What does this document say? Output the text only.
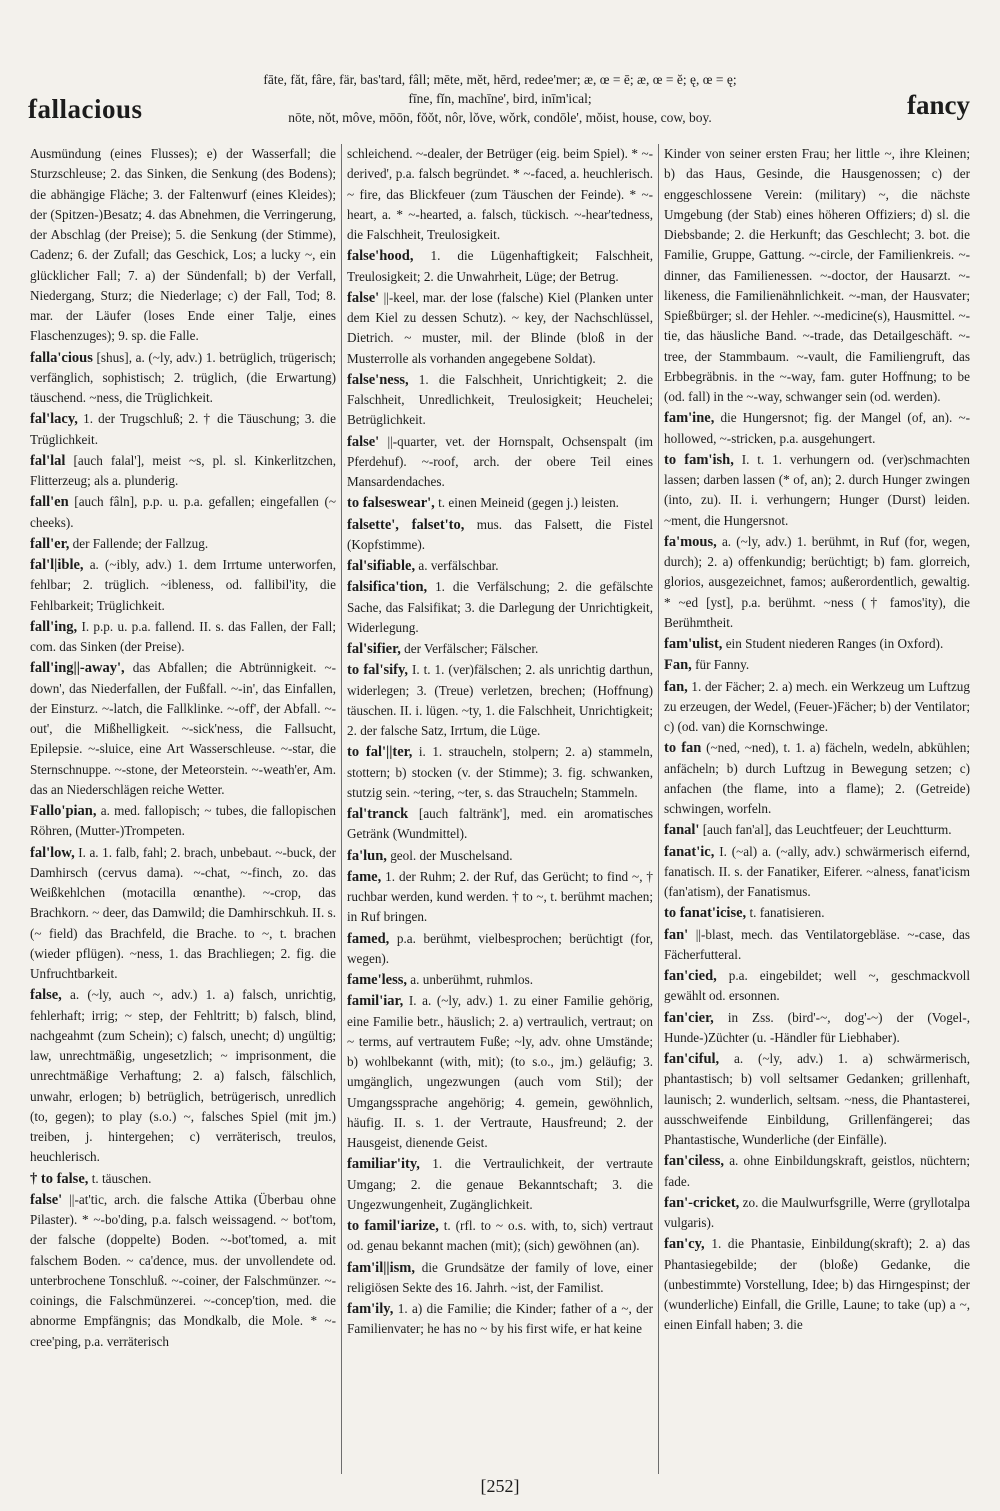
fallacious
fāte, făt, fâre, fär, bas'tard, fâll; mēte, mĕt, hērd, redee'mer; æ, œ = ē; æ, œ = ĕ; ę, œ = ę;
fīne, fĭn, machīne', bird, inīm'ical;
nōte, nŏt, môve, mōōn, fŏŏt, nôr, lŏve, wŏrk, condōle', mŏist, house, cow, boy.	fancy
Ausmündung (eines Flusses); e) der Wasserfall; die Sturzschleuse; 2. das Sinken, die Senkung (des Bodens); die abhängige Fläche; 3. der Faltenwurf (eines Kleides); der (Spitzen-)Besatz; 4. das Abnehmen, die Verringerung, der Abschlag (der Preise); 5. die Senkung (der Stimme), Cadenz; 6. der Zufall; das Geschick, Los; a lucky ~, ein glücklicher Fall; 7. a) der Sündenfall; b) der Verfall, Niedergang, Sturz; die Niederlage; c) der Fall, Tod; 8. mar. der Läufer (loses Ende einer Talje, eines Flaschenzuges); 9. sp. die Falle.
falla'cious [shus], a. (~ly, adv.) 1. betrüglich, trügerisch; verfänglich, sophistisch; 2. trüglich, (die Erwartung) täuschend. ~ness, die Trüglichkeit.
fal'lacy, 1. der Trugschluß; 2. † die Täuschung; 3. die Trüglichkeit.
fal'lal [auch falal'], meist ~s, pl. sl. Kinkerlitzchen, Flitterzeug; als a. plunderig.
fall'en [auch fâln], p.p. u. p.a. gefallen; eingefallen (~ cheeks).
fall'er, der Fallende; der Fallzug.
fal'l|ible, a. (~ibly, adv.) 1. dem Irrtume unterworfen, fehlbar; 2. trüglich. ~ibleness, od. fallibil'ity, die Fehlbarkeit; Trüglichkeit.
fall'ing, I. p.p. u. p.a. fallend. II. s. das Fallen, der Fall; com. das Sinken (der Preise).
fall'ing||-away', das Abfallen; die Abtrünnigkeit. ~-down', das Niederfallen, der Fußfall. ~-in', das Einfallen, der Einsturz. ~-latch, die Fallklinke. ~-off', der Abfall. ~-out', die Mißhelligkeit. ~-sick'ness, die Fallsucht, Epilepsie. ~-sluice, eine Art Wasserschleuse. ~-star, die Sternschnuppe. ~-stone, der Meteorstein. ~-weath'er, Am. das an Niederschlägen reiche Wetter.
Fallo'pian, a. med. fallopisch; ~ tubes, die fallopischen Röhren, (Mutter-)Trompeten.
fal'low, I. a. 1. falb, fahl; 2. brach, unbebaut. ~-buck, der Damhirsch (cervus dama). ~-chat, ~-finch, zo. das Weißkehlchen (motacilla œnanthe). ~-crop, das Brachkorn. ~ deer, das Damwild; die Damhirschkuh. II. s. (~ field) das Brachfeld, die Brache. to ~, t. brachen (wieder pflügen). ~ness, 1. das Brachliegen; 2. fig. die Unfruchtbarkeit.
false, a. (~ly, auch ~, adv.) 1. a) falsch, unrichtig, fehlerhaft; irrig; ~ step, der Fehltritt; b) falsch, blind, nachgeahmt (zum Schein); c) falsch, unecht; d) ungültig; law, unrechtmäßig, ungesetzlich; ~ imprisonment, die unrechtmäßige Verhaftung; 2. a) falsch, fälschlich, unwahr, erlogen; b) betrüglich, betrügerisch, unredlich (to, gegen); to play (s.o.) ~, falsches Spiel (mit jm.) treiben, j. hintergehen; c) verräterisch, treulos, heuchlerisch.
† to false, t. täuschen.
false' ||-at'tic, arch. die falsche Attika (Überbau ohne Pilaster). * ~-bo'ding, p.a. falsch weissagend. ~ bot'tom, der falsche (doppelte) Boden. ~-bot'tomed, a. mit falschem Boden. ~ ca'dence, mus. der unvollendete od. unterbrochene Tonschluß. ~-coiner, der Falschmünzer. ~-coinings, die Falschmünzerei. ~-concep'tion, med. die abnorme Empfängnis; das Mondkalb, die Mole. * ~-cree'ping, p.a. verräterisch
schleichend. ~-dealer, der Betrüger (eig. beim Spiel). * ~-derived', p.a. falsch begründet. * ~-faced, a. heuchlerisch. ~ fire, das Blickfeuer (zum Täuschen der Feinde). * ~-heart, a. * ~-hearted, a. falsch, tückisch. ~-hear'tedness, die Falschheit, Treulosigkeit.
false'hood, 1. die Lügenhaftigkeit; Falschheit, Treulosigkeit; 2. die Unwahrheit, Lüge; der Betrug.
false' ||-keel, mar. der lose (falsche) Kiel (Planken unter dem Kiel zu dessen Schutz). ~ key, der Nachschlüssel, Dietrich. ~ muster, mil. der Blinde (bloß in der Musterrolle als vorhanden angegebene Soldat).
false'ness, 1. die Falschheit, Unrichtigkeit; 2. die Falschheit, Unredlichkeit, Treulosigkeit; Heuchelei; Betrüglichkeit.
false' ||-quarter, vet. der Hornspalt, Ochsenspalt (im Pferdehuf). ~-roof, arch. der obere Teil eines Mansardendaches.
to falseswear', t. einen Meineid (gegen j.) leisten.
falsette', falset'to, mus. das Falsett, die Fistel (Kopfstimme).
fal'sifiable, a. verfälschbar.
falsifica'tion, 1. die Verfälschung; 2. die gefälschte Sache, das Falsifikat; 3. die Darlegung der Unrichtigkeit, Widerlegung.
fal'sifier, der Verfälscher; Fälscher.
to fal'sify, I. t. 1. (ver)fälschen; 2. als unrichtig darthun, widerlegen; 3. (Treue) verletzen, brechen; (Hoffnung) täuschen. II. i. lügen. ~ty, 1. die Falschheit, Unrichtigkeit; 2. der falsche Satz, Irrtum, die Lüge.
to fal'||ter, i. 1. straucheln, stolpern; 2. a) stammeln, stottern; b) stocken (v. der Stimme); 3. fig. schwanken, stutzig sein. ~tering, ~ter, s. das Straucheln; Stammeln.
fal'tranck [auch faltränk'], med. ein aromatisches Getränk (Wundmittel).
fa'lun, geol. der Muschelsand.
fame, 1. der Ruhm; 2. der Ruf, das Gerücht; to find ~, † ruchbar werden, kund werden. † to ~, t. berühmt machen; in Ruf bringen.
famed, p.a. berühmt, vielbesprochen; berüchtigt (for, wegen).
fame'less, a. unberühmt, ruhmlos.
famil'iar, I. a. (~ly, adv.) 1. zu einer Familie gehörig, eine Familie betr., häuslich; 2. a) vertraulich, vertraut; on ~ terms, auf vertrautem Fuße; ~ly, adv. ohne Umstände; b) wohlbekannt (with, mit); (to s.o., jm.) geläufig; 3. umgänglich, ungezwungen (auch vom Stil); der Umgangssprache angehörig; 4. gemein, gewöhnlich, häufig. II. s. 1. der Vertraute, Hausfreund; 2. der Hausgeist, dienende Geist.
familiar'ity, 1. die Vertraulichkeit, der vertraute Umgang; 2. die genaue Bekanntschaft; 3. die Ungezwungenheit, Zugänglichkeit.
to famil'iarize, t. (rfl. to ~ o.s. with, to, sich) vertraut od. genau bekannt machen (mit); (sich) gewöhnen (an).
fam'il||ism, die Grundsätze der family of love, einer religiösen Sekte des 16. Jahrh. ~ist, der Familist.
fam'ily, 1. a) die Familie; die Kinder; father of a ~, der Familienvater; he has no ~ by his first wife, er hat keine
Kinder von seiner ersten Frau; her little ~, ihre Kleinen; b) das Haus, Gesinde, die Hausgenossen; c) der enggeschlossene Verein: (military) ~, die nächste Umgebung (der Stab) eines höheren Offiziers; d) sl. die Diebsbande; 2. die Herkunft; das Geschlecht; 3. bot. die Familie, Gruppe, Gattung. ~-circle, der Familienkreis. ~-dinner, das Familienessen. ~-doctor, der Hausarzt. ~-likeness, die Familienähnlichkeit. ~-man, der Hausvater; Spießbürger; sl. der Hehler. ~-medicine(s), Hausmittel. ~-tie, das häusliche Band. ~-trade, das Detailgeschäft. ~-tree, der Stammbaum. ~-vault, die Familiengruft, das Erbbegräbnis. in the ~-way, fam. guter Hoffnung; to be (od. fall) in the ~-way, schwanger sein (od. werden).
fam'ine, die Hungersnot; fig. der Mangel (of, an). ~-hollowed, ~-stricken, p.a. ausgehungert.
to fam'ish, I. t. 1. verhungern od. (ver)schmachten lassen; darben lassen (* of, an); 2. durch Hunger zwingen (into, zu). II. i. verhungern; Hunger (Durst) leiden. ~ment, die Hungersnot.
fa'mous, a. (~ly, adv.) 1. berühmt, in Ruf (for, wegen, durch); 2. a) offenkundig; berüchtigt; b) fam. glorreich, glorios, ausgezeichnet, famos; außerordentlich, gewaltig. * ~ed [yst], p.a. berühmt. ~ness († famos'ity), die Berühmtheit.
fam'ulist, ein Student niederen Ranges (in Oxford).
Fan, für Fanny.
fan, 1. der Fächer; 2. a) mech. ein Werkzeug um Luftzug zu erzeugen, der Wedel, (Feuer-)Fächer; b) der Ventilator; c) (od. van) die Kornschwinge.
to fan (~ned, ~ned), t. 1. a) fächeln, wedeln, abkühlen; anfächeln; b) durch Luftzug in Bewegung setzen; c) anfachen (the flame, into a flame); 2. (Getreide) schwingen, worfeln.
fanal' [auch fan'al], das Leuchtfeuer; der Leuchtturm.
fanat'ic, I. (~al) a. (~ally, adv.) schwärmerisch eifernd, fanatisch. II. s. der Fanatiker, Eiferer. ~alness, fanat'icism (fan'atism), der Fanatismus.
to fanat'icise, t. fanatisieren.
fan' ||-blast, mech. das Ventilatorgebläse. ~-case, das Fächerfutteral.
fan'cied, p.a. eingebildet; well ~, geschmackvoll gewählt od. ersonnen.
fan'cier, in Zss. (bird'-~, dog'-~) der (Vogel-, Hunde-)Züchter (u. -Händler für Liebhaber).
fan'ciful, a. (~ly, adv.) 1. a) schwärmerisch, phantastisch; b) voll seltsamer Gedanken; grillenhaft, launisch; 2. wunderlich, seltsam. ~ness, die Phantasterei, ausschweifende Einbildung, Grillenfängerei; das Phantastische, Wunderliche (der Einfälle).
fan'ciless, a. ohne Einbildungskraft, geistlos, nüchtern; fade.
fan'-cricket, zo. die Maulwurfsgrille, Werre (gryllotalpa vulgaris).
fan'cy, 1. die Phantasie, Einbildung(skraft); 2. a) das Phantasiegebilde; der (bloße) Gedanke, die (unbestimmte) Vorstellung, Idee; b) das Hirngespinst; der (wunderliche) Einfall, die Grille, Laune; to take (up) a ~, einen Einfall haben; 3. die
[252]
